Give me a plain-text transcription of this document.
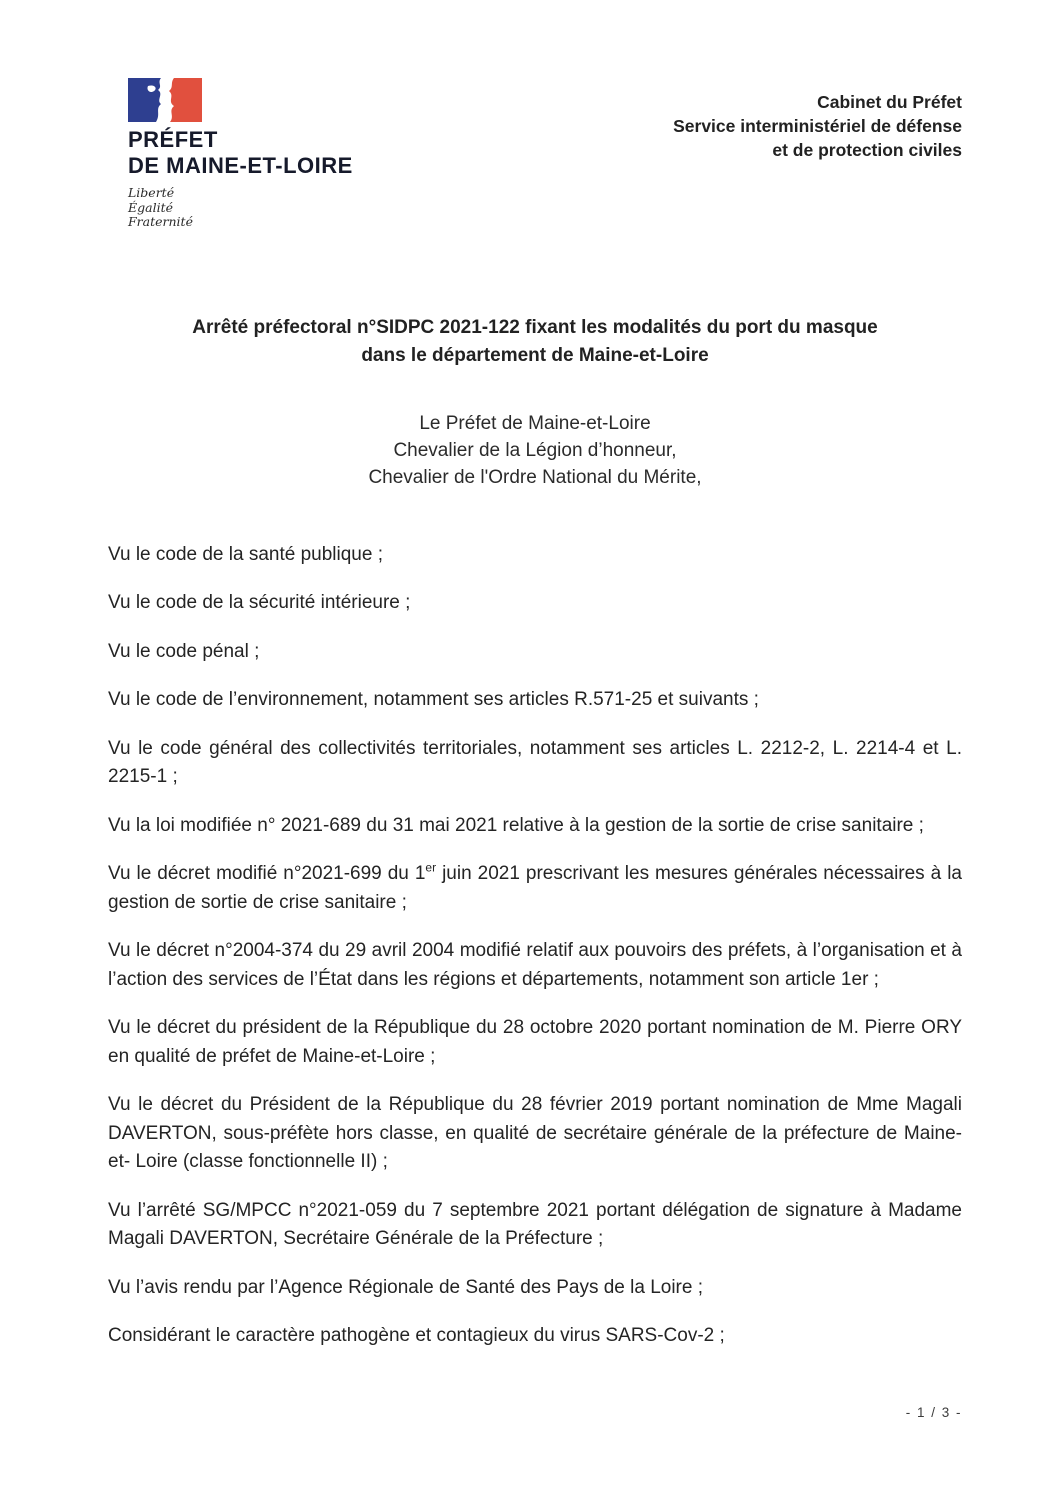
PRÉFET
DE MAINE-ET-LOIRE
Liberté
Égalité
Fraternité
Cabinet du Préfet
Service interministériel de défense
et de protection civiles
Arrêté préfectoral n°SIDPC 2021-122 fixant les modalités du port du masque
dans le département de Maine-et-Loire
Le Préfet de Maine-et-Loire
Chevalier de la Légion d’honneur,
Chevalier de l'Ordre National du Mérite,

Vu le code de la santé publique ;

Vu le code de la sécurité intérieure ;

Vu le code pénal ;

Vu le code de l’environnement, notamment ses articles R.571-25 et suivants ;

Vu le code général des collectivités territoriales, notamment ses articles L. 2212-2, L. 2214-4 et L. 2215-1 ;

Vu la loi modifiée n° 2021-689 du 31 mai 2021 relative à la gestion de la sortie de crise sanitaire ;

Vu le décret modifié n°2021-699 du 1er juin 2021 prescrivant les mesures générales nécessaires à la gestion de sortie de crise sanitaire ;

Vu le décret n°2004-374 du 29 avril 2004 modifié relatif aux pouvoirs des préfets, à l’organisation et à l’action des services de l’État dans les régions et départements, notamment son article 1er ;

Vu le décret du président de la République du 28 octobre 2020 portant nomination de M. Pierre ORY en qualité de préfet de Maine-et-Loire ;

Vu le décret du Président de la République du 28 février 2019 portant nomination de Mme Magali DAVERTON, sous-préfète hors classe, en qualité de secrétaire générale de la préfecture de Maine-et- Loire (classe fonctionnelle II) ;

Vu l’arrêté SG/MPCC n°2021-059 du 7 septembre 2021 portant délégation de signature à Madame Magali DAVERTON, Secrétaire Générale de la Préfecture ;

Vu l’avis rendu par l’Agence Régionale de Santé des Pays de la Loire ;

Considérant le caractère pathogène et contagieux du virus SARS-Cov-2 ;

- 1 / 3 -
